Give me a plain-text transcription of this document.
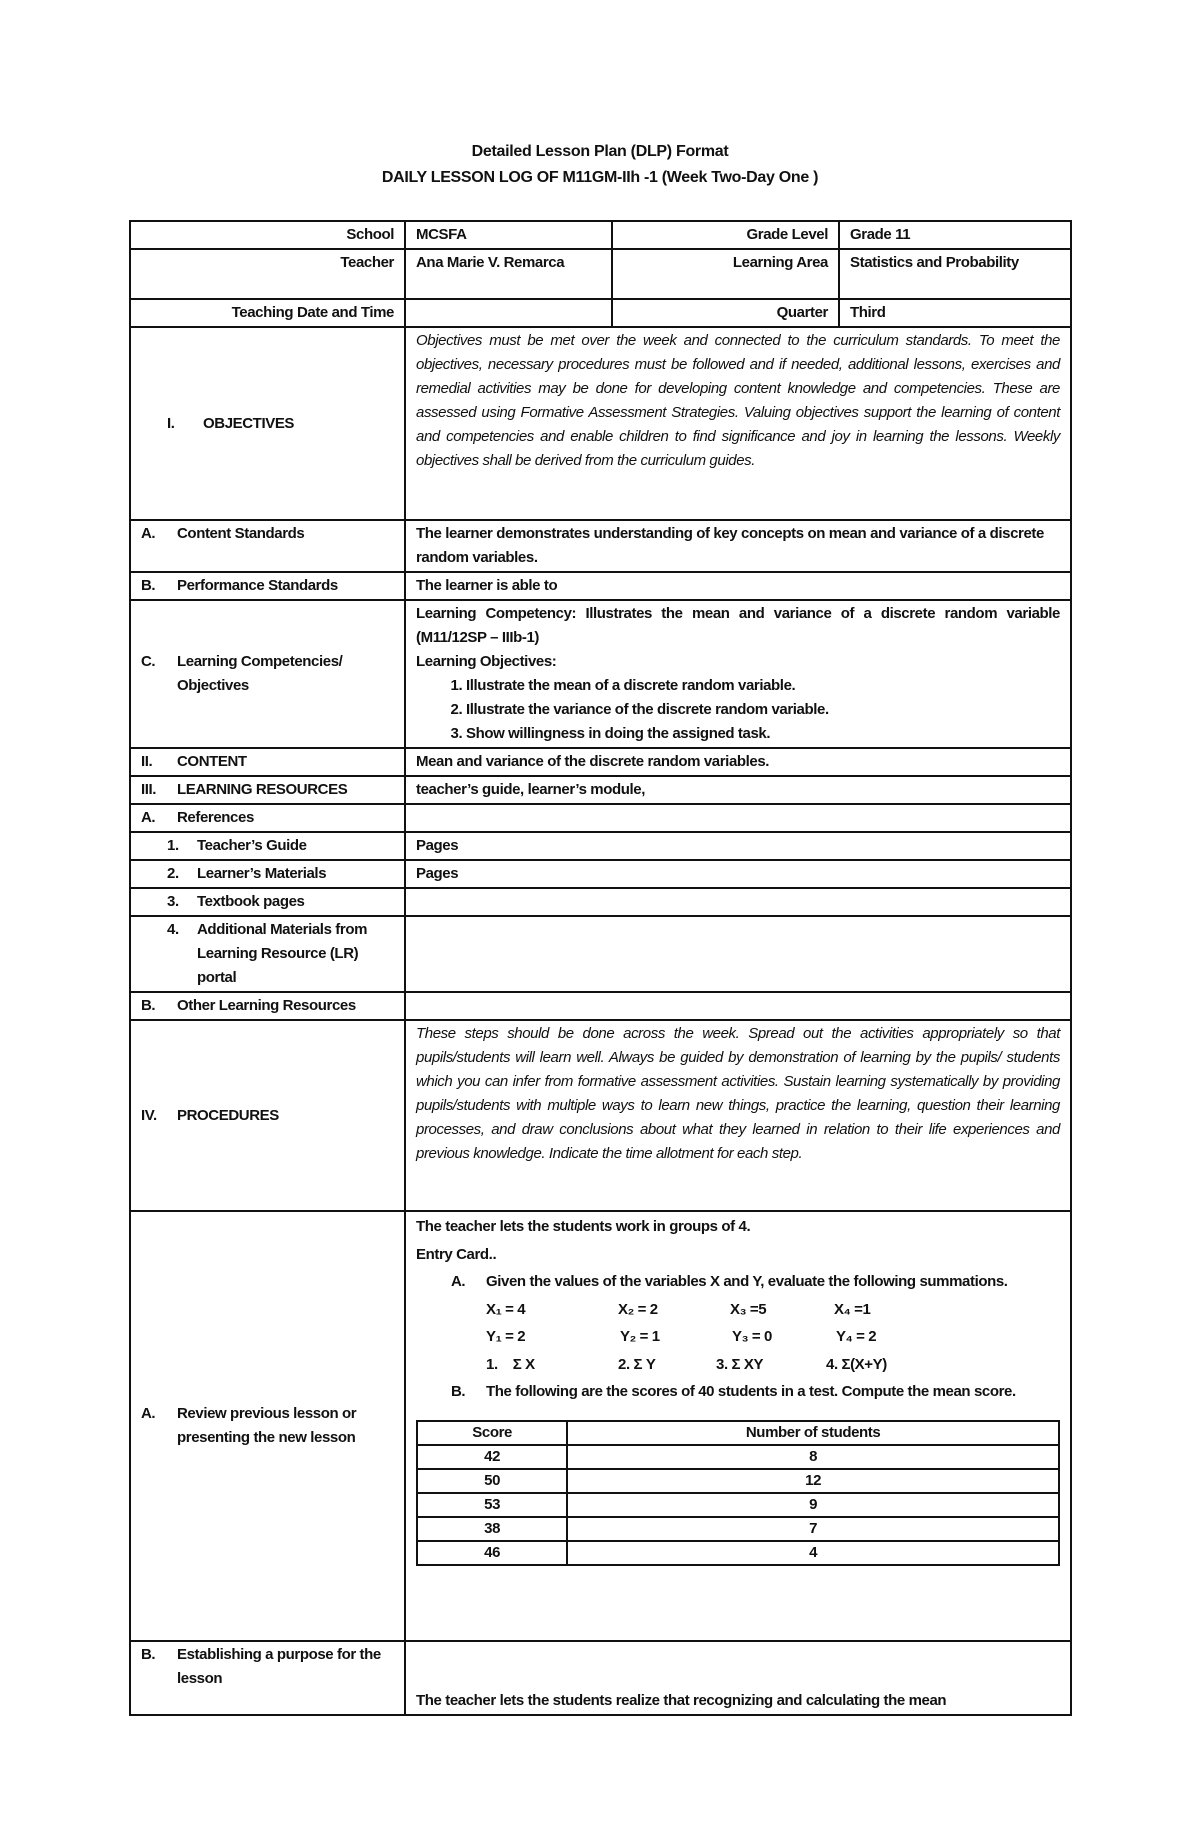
Detailed Lesson Plan (DLP) Format
DAILY LESSON LOG OF M11GM-IIh -1 (Week Two-Day One )
School	MCSFA	Grade Level	Grade 11
Teacher	Ana Marie V. Remarca	Learning Area	Statistics and Probability
Teaching Date and Time		Quarter	Third

I.	OBJECTIVES
	Objectives must be met over the week and connected to the curriculum standards. To meet the objectives, necessary procedures must be followed and if needed, additional lessons, exercises and remedial activities may be done for developing content knowledge and competencies. These are assessed using Formative Assessment Strategies. Valuing objectives support the learning of content and competencies and enable children to find significance and joy in learning the lessons. Weekly objectives shall be derived from the curriculum guides.

A.	Content Standards	The learner demonstrates understanding of key concepts on mean and variance of a discrete random variables.

B.	Performance Standards	The learner is able to

C.	Learning Competencies/ Objectives

Learning Competency: Illustrates the mean and variance of a discrete random variable (M11/12SP – IIIb-1)
Learning Objectives:
1. Illustrate the mean of a discrete random variable.
2. Illustrate the variance of the discrete random variable.
3. Show willingness in doing the assigned task.

II.	CONTENT	Mean and variance of the discrete random variables.

III.	LEARNING RESOURCES	teacher’s guide, learner’s module,

A.	References

1.	Teacher’s Guide	Pages

2.	Learner’s Materials	Pages

3.	Textbook pages

4.	Additional Materials from Learning Resource (LR) portal

B.	Other Learning Resources

IV.	PROCEDURES
	These steps should be done across the week. Spread out the activities appropriately so that pupils/students will learn well. Always be guided by demonstration of learning by the pupils/ students which you can infer from formative assessment activities. Sustain learning systematically by providing pupils/students with multiple ways to learn new things, practice the learning, question their learning processes, and draw conclusions about what they learned in relation to their life experiences and previous knowledge. Indicate the time allotment for each step.

A.	Review previous lesson or presenting the new lesson

The teacher lets the students work in groups of 4.
Entry Card..
A.	Given the values of the variables X and Y, evaluate the following summations.
X₁ = 4	X₂ = 2	X₃ =5	X₄ =1
Y₁ = 2	Y₂ = 1	Y₃ = 0	Y₄ = 2
1.    Σ X	2. Σ Y	3. Σ XY	4. Σ(X+Y)
B.	The following are the scores of 40 students in a test. Compute the mean score.
Score	Number of students
42	8
50	12
53	9
38	7
46	4

B.	Establishing a purpose for the lesson
	The teacher lets the students realize that recognizing and calculating the mean
